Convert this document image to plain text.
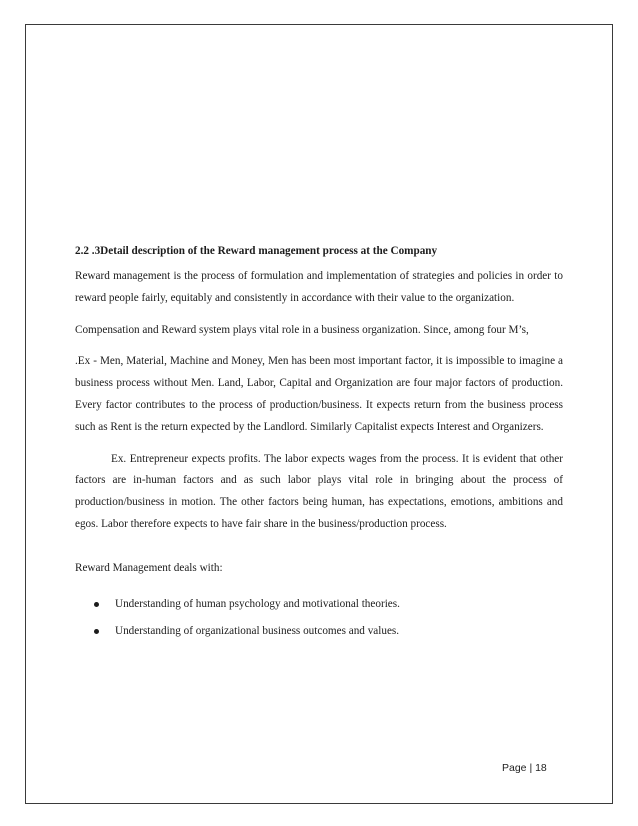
2.2 .3Detail description of the Reward management process at the Company

Reward management is the process of formulation and implementation of strategies and policies in order to reward people fairly, equitably and consistently in accordance with their value to the organization.

Compensation and Reward system plays vital role in a business organization. Since, among four M’s,

.Ex - Men, Material, Machine and Money, Men has been most important factor, it is impossible to imagine a business process without Men. Land, Labor, Capital and Organization are four major factors of production. Every factor contributes to the process of production/business. It expects return from the business process such as Rent is the return expected by the Landlord. Similarly Capitalist expects Interest and Organizers.

Ex. Entrepreneur expects profits. The labor expects wages from the process. It is evident that other factors are in-human factors and as such labor plays vital role in bringing about the process of production/business in motion. The other factors being human, has expectations, emotions, ambitions and egos. Labor therefore expects to have fair share in the business/production process.

Reward Management deals with:

Understanding of human psychology and motivational theories.
Understanding of organizational business outcomes and values.
Page | 18
